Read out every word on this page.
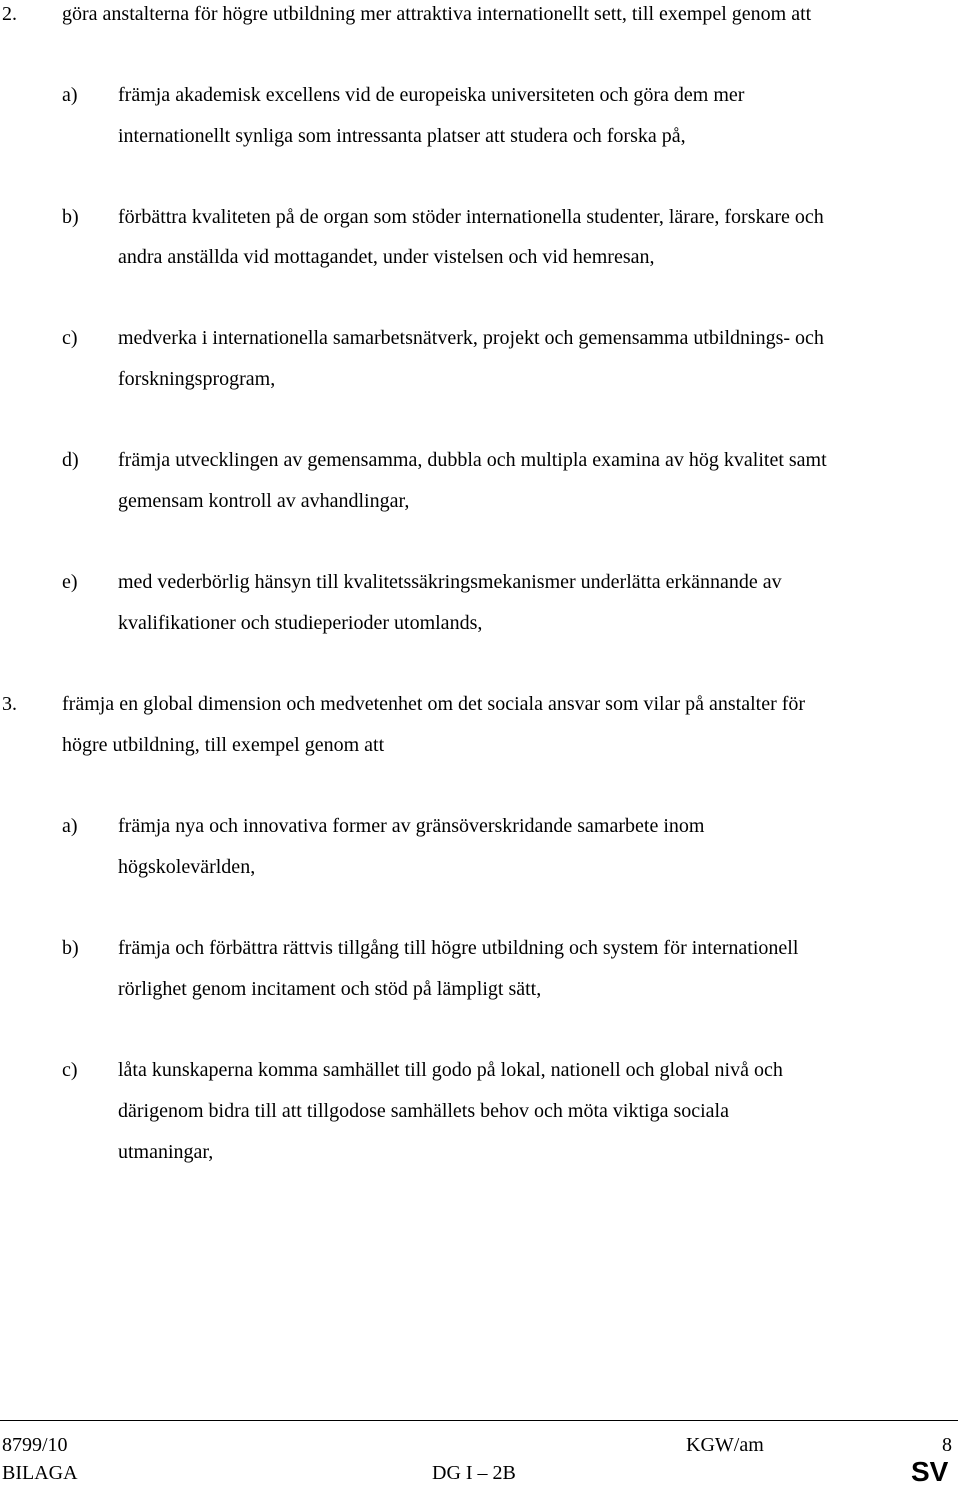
2. göra anstalterna för högre utbildning mer attraktiva internationellt sett, till exempel genom att
a) främja akademisk excellens vid de europeiska universiteten och göra dem mer
internationellt synliga som intressanta platser att studera och forska på,
b) förbättra kvaliteten på de organ som stöder internationella studenter, lärare, forskare och
andra anställda vid mottagandet, under vistelsen och vid hemresan,
c) medverka i internationella samarbetsnätverk, projekt och gemensamma utbildnings- och
forskningsprogram,
d) främja utvecklingen av gemensamma, dubbla och multipla examina av hög kvalitet samt
gemensam kontroll av avhandlingar,
e) med vederbörlig hänsyn till kvalitetssäkringsmekanismer underlätta erkännande av
kvalifikationer och studieperioder utomlands,
3. främja en global dimension och medvetenhet om det sociala ansvar som vilar på anstalter för
högre utbildning, till exempel genom att
a) främja nya och innovativa former av gränsöverskridande samarbete inom
högskolevärlden,
b) främja och förbättra rättvis tillgång till högre utbildning och system för internationell
rörlighet genom incitament och stöd på lämpligt sätt,
c) låta kunskaperna komma samhället till godo på lokal, nationell och global nivå och
därigenom bidra till att tillgodose samhällets behov och möta viktiga sociala
utmaningar,
8799/10
BILAGA
KGW/am
DG I – 2B
8
SV
